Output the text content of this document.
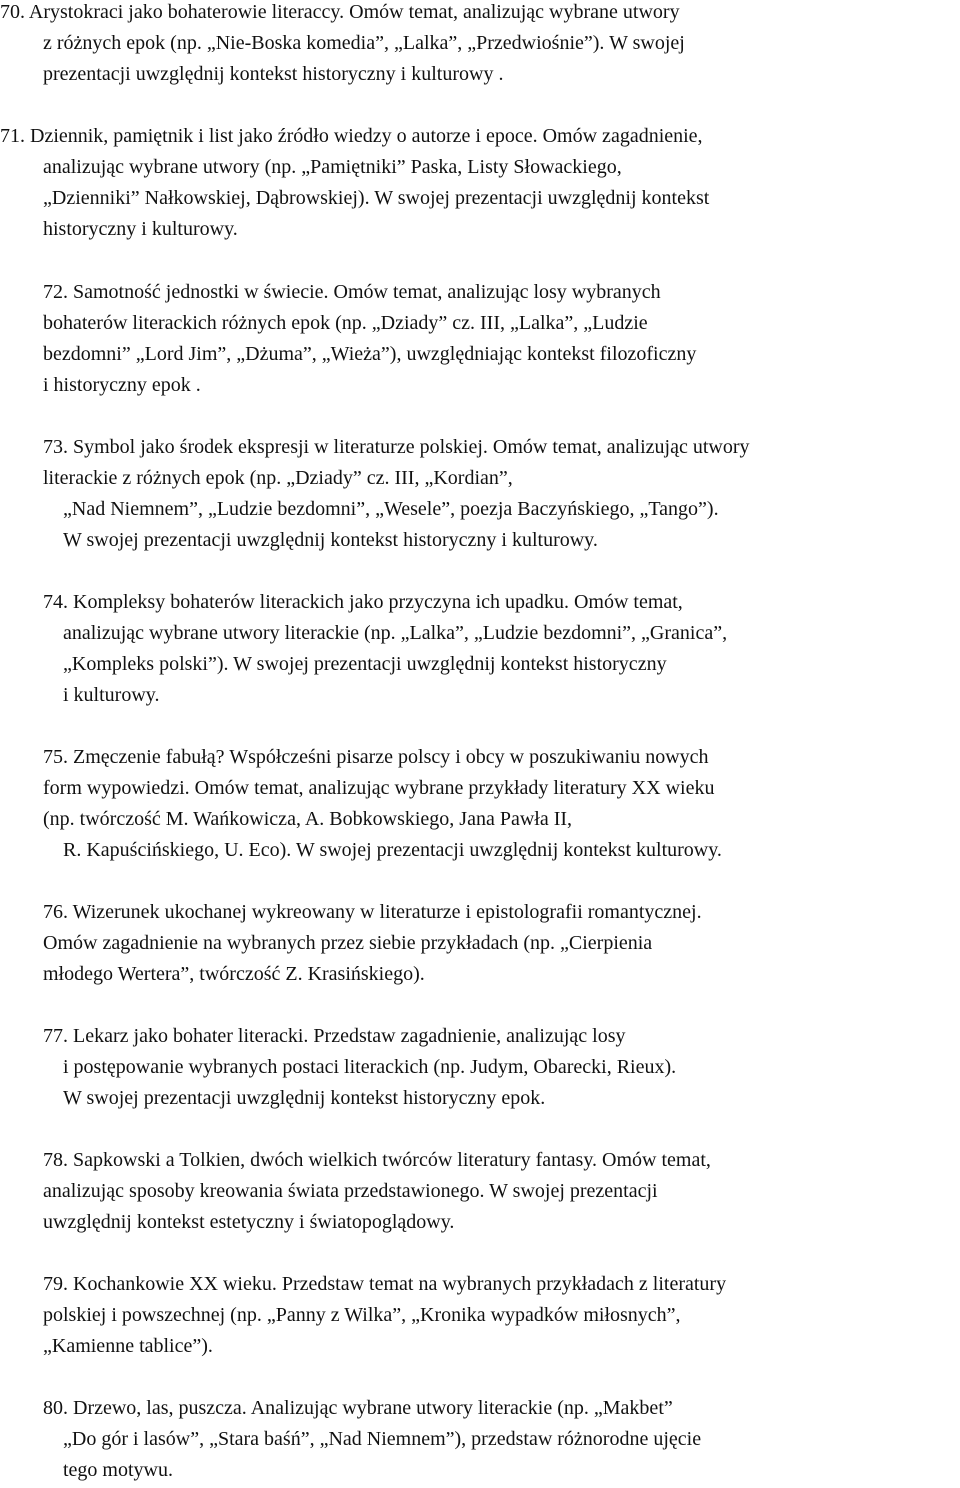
70. Arystokraci jako bohaterowie literaccy. Omów temat, analizując wybrane utwory
z różnych epok (np. „Nie-Boska komedia”, „Lalka”, „Przedwiośnie”). W swojej
prezentacji uwzględnij kontekst historyczny i kulturowy .
71. Dziennik, pamiętnik i list jako źródło wiedzy o autorze i epoce. Omów zagadnienie,
analizując wybrane utwory (np. „Pamiętniki” Paska, Listy Słowackiego,
„Dzienniki” Nałkowskiej, Dąbrowskiej). W swojej prezentacji uwzględnij kontekst
historyczny i kulturowy.
72. Samotność jednostki w świecie. Omów temat, analizując losy wybranych
bohaterów literackich różnych epok (np. „Dziady” cz. III, „Lalka”, „Ludzie
bezdomni” „Lord Jim”, „Dżuma”, „Wieża”), uwzględniając kontekst filozoficzny
i historyczny epok .
73. Symbol jako środek ekspresji w literaturze polskiej. Omów temat, analizując utwory
literackie z różnych epok (np. „Dziady” cz. III, „Kordian”,
„Nad Niemnem”, „Ludzie bezdomni”, „Wesele”, poezja Baczyńskiego, „Tango”).
W swojej prezentacji uwzględnij kontekst historyczny i kulturowy.
74. Kompleksy bohaterów literackich jako przyczyna ich upadku. Omów temat,
analizując wybrane utwory literackie (np. „Lalka”, „Ludzie bezdomni”, „Granica”,
„Kompleks polski”). W swojej prezentacji uwzględnij kontekst historyczny
i kulturowy.
75. Zmęczenie fabułą? Współcześni pisarze polscy i obcy w poszukiwaniu nowych
form wypowiedzi. Omów temat, analizując wybrane przykłady literatury XX wieku
(np. twórczość M. Wańkowicza, A. Bobkowskiego, Jana Pawła II,
R. Kapuścińskiego, U. Eco). W swojej prezentacji uwzględnij kontekst kulturowy.
76. Wizerunek ukochanej wykreowany w literaturze i epistolografii romantycznej.
Omów zagadnienie na wybranych przez siebie przykładach (np. „Cierpienia
młodego Wertera”, twórczość Z. Krasińskiego).
77. Lekarz jako bohater literacki. Przedstaw zagadnienie, analizując losy
i postępowanie wybranych postaci literackich (np. Judym, Obarecki, Rieux).
W swojej prezentacji uwzględnij kontekst historyczny epok.
78. Sapkowski a Tolkien, dwóch wielkich twórców literatury fantasy. Omów temat,
analizując sposoby kreowania świata przedstawionego. W swojej prezentacji
uwzględnij kontekst estetyczny i światopoglądowy.
79. Kochankowie XX wieku. Przedstaw temat na wybranych przykładach z literatury
polskiej i powszechnej (np. „Panny z Wilka”, „Kronika wypadków miłosnych”,
„Kamienne tablice”).
80. Drzewo, las, puszcza. Analizując wybrane utwory literackie (np. „Makbet”
„Do gór i lasów”, „Stara baśń”, „Nad Niemnem”), przedstaw różnorodne ujęcie
tego motywu.
